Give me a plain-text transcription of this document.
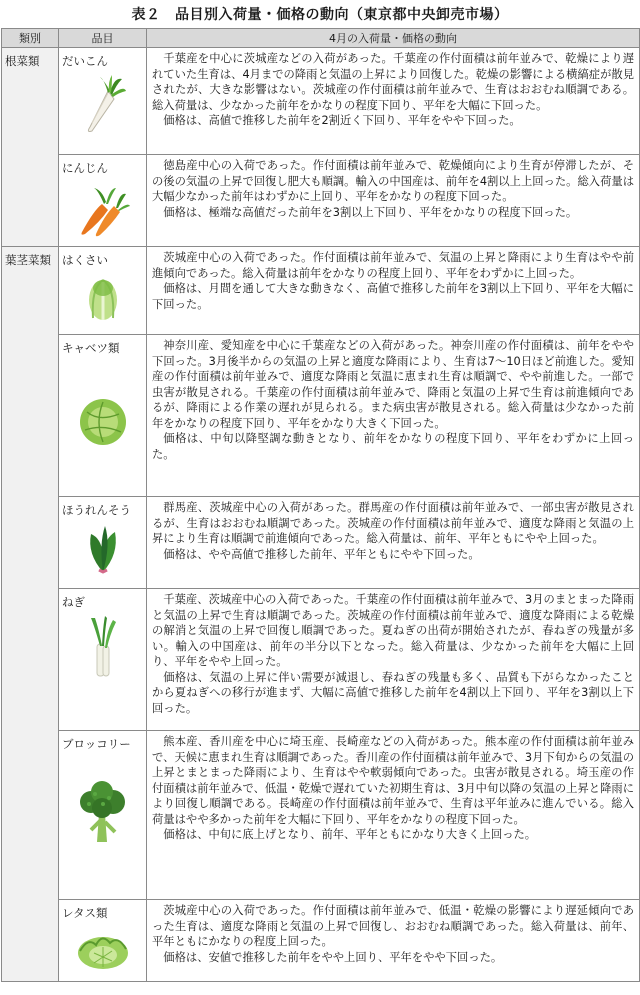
表２　品目別入荷量・価格の動向（東京都中央卸売市場）
類別	品目	4月の入荷量・価格の動向
根菜類	だいこん	千葉産を中心に茨城産などの入荷があった。千葉産の作付面積は前年並みで、乾燥により遅れていた生育は、4月までの降雨と気温の上昇により回復した。乾燥の影響による横縞症が散見されたが、大きな影響はない。茨城産の作付面積は前年並みで、生育はおおむね順調である。総入荷量は、少なかった前年をかなりの程度下回り、平年を大幅に下回った。

価格は、高値で推移した前年を2割近く下回り、平年をやや下回った。

	にんじん	徳島産中心の入荷であった。作付面積は前年並みで、乾燥傾向により生育が停滞したが、その後の気温の上昇で回復し肥大も順調。輸入の中国産は、前年を4割以上上回った。総入荷量は大幅少なかった前年はわずかに上回り、平年をかなりの程度下回った。

価格は、極端な高値だった前年を3割以上下回り、平年をかなりの程度下回った。

葉茎菜類	はくさい	茨城産中心の入荷であった。作付面積は前年並みで、気温の上昇と降雨により生育はやや前進傾向であった。総入荷量は前年をかなりの程度上回り、平年をわずかに上回った。

価格は、月間を通して大きな動きなく、高値で推移した前年を3割以上下回り、平年を大幅に下回った。

	キャベツ類	神奈川産、愛知産を中心に千葉産などの入荷があった。神奈川産の作付面積は、前年をやや下回った。3月後半からの気温の上昇と適度な降雨により、生育は7～10日ほど前進した。愛知産の作付面積は前年並みで、適度な降雨と気温に恵まれ生育は順調で、やや前進した。一部で虫害が散見される。千葉産の作付面積は前年並みで、降雨と気温の上昇で生育は前進傾向であるが、降雨による作業の遅れが見られる。また病虫害が散見される。総入荷量は少なかった前年をかなりの程度下回り、平年をかなり大きく下回った。

価格は、中旬以降堅調な動きとなり、前年をかなりの程度下回り、平年をわずかに上回った。

	ほうれんそう	群馬産、茨城産中心の入荷があった。群馬産の作付面積は前年並みで、一部虫害が散見されるが、生育はおおむね順調であった。茨城産の作付面積は前年並みで、適度な降雨と気温の上昇により生育は順調で前進傾向であった。総入荷量は、前年、平年ともにやや上回った。

価格は、やや高値で推移した前年、平年ともにやや下回った。

	ねぎ	千葉産、茨城産中心の入荷であった。千葉産の作付面積は前年並みで、3月のまとまった降雨と気温の上昇で生育は順調であった。茨城産の作付面積は前年並みで、適度な降雨による乾燥の解消と気温の上昇で回復し順調であった。夏ねぎの出荷が開始されたが、春ねぎの残量が多い。輸入の中国産は、前年の半分以下となった。総入荷量は、少なかった前年を大幅に上回り、平年をやや上回った。

価格は、気温の上昇に伴い需要が減退し、春ねぎの残量も多く、品質も下がらなかったことから夏ねぎへの移行が進まず、大幅に高値で推移した前年を4割以上下回り、平年を3割以上下回った。

	ブロッコリー	熊本産、香川産を中心に埼玉産、長崎産などの入荷があった。熊本産の作付面積は前年並みで、天候に恵まれ生育は順調であった。香川産の作付面積は前年並みで、3月下旬からの気温の上昇とまとまった降雨により、生育はやや軟弱傾向であった。虫害が散見される。埼玉産の作付面積は前年並みで、低温・乾燥で遅れていた初期生育は、3月中旬以降の気温の上昇と降雨により回復し順調である。長崎産の作付面積は前年並みで、生育は平年並みに進んでいる。総入荷量はやや多かった前年を大幅に下回り、平年をかなりの程度下回った。

価格は、中旬に底上げとなり、前年、平年ともにかなり大きく上回った。

	レタス類	茨城産中心の入荷であった。作付面積は前年並みで、低温・乾燥の影響により遅延傾向であった生育は、適度な降雨と気温の上昇で回復し、おおむね順調であった。総入荷量は、前年、平年ともにかなりの程度上回った。

価格は、安値で推移した前年をやや上回り、平年をやや下回った。
